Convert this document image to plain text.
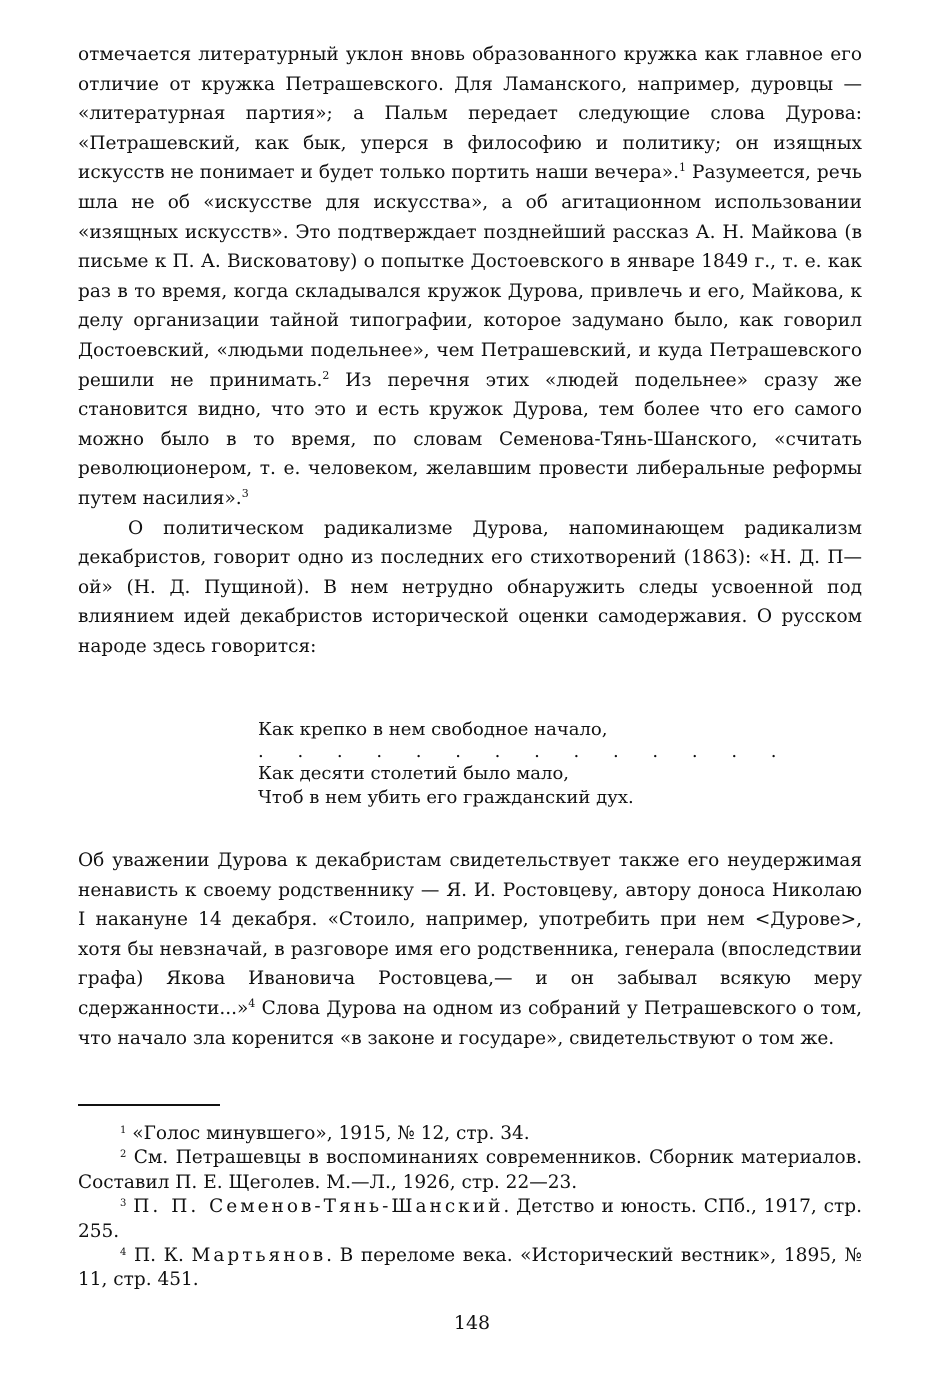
отмечается литературный уклон вновь образованного кружка как главное его отличие от кружка Петрашевского. Для Ламанского, например, дуровцы — «литературная партия»; а Пальм передает следующие слова Дурова: «Петрашевский, как бык, уперся в философию и политику; он изящных искусств не понимает и будет только портить наши вечера».$^1$ Разумеется, речь шла не об «искусстве для искусства», а об агитационном использовании «изящных искусств». Это подтверждает позднейший рассказ А. Н. Майкова (в письме к П. А. Висковатову) о попытке Достоевского в январе 1849 г., т. е. как раз в то время, когда складывался кружок Дурова, привлечь и его, Майкова, к делу организации тайной типографии, которое задумано было, как говорил Достоевский, «людьми подельнее», чем Петрашевский, и куда Петрашевского решили не принимать.$^2$ Из перечня этих «людей подельнее» сразу же становится видно, что это и есть кружок Дурова, тем более что его самого можно было в то время, по словам Семенова-Тянь-Шанского, «считать революционером, т. е. человеком, желавшим провести либеральные реформы путем насилия».$^3$
О политическом радикализме Дурова, напоминающем радикализм декабристов, говорит одно из последних его стихотворений (1863): «Н. Д. П—ой» (Н. Д. Пущиной). В нем нетрудно обнаружить следы усвоенной под влиянием идей декабристов исторической оценки самодержавия. О русском народе здесь говорится:
Как крепко в нем свободное начало,
. . . . . . . . . . . . . .
Как десяти столетий было мало,
Чтоб в нем убить его гражданский дух.
Об уважении Дурова к декабристам свидетельствует также его неудержимая ненависть к своему родственнику — Я. И. Ростовцеву, автору доноса Николаю I накануне 14 декабря. «Стоило, например, употребить при нем <Дурове>, хотя бы невзначай, в разговоре имя его родственника, генерала (впоследствии графа) Якова Ивановича Ростовцева,— и он забывал всякую меру сдержанности...»$^4$ Слова Дурова на одном из собраний у Петрашевского о том, что начало зла коренится «в законе и государе», свидетельствуют о том же.
$^1$ «Голос минувшего», 1915, № 12, стр. 34.
$^2$ См. Петрашевцы в воспоминаниях современников. Сборник материалов. Составил П. Е. Щеголев. М.—Л., 1926, стр. 22—23.
$^3$ П. П. Семенов-Тянь-Шанский. Детство и юность. СПб., 1917, стр. 255.
$^4$ П. К. Мартьянов. В переломе века. «Исторический вестник», 1895, № 11, стр. 451.
148
